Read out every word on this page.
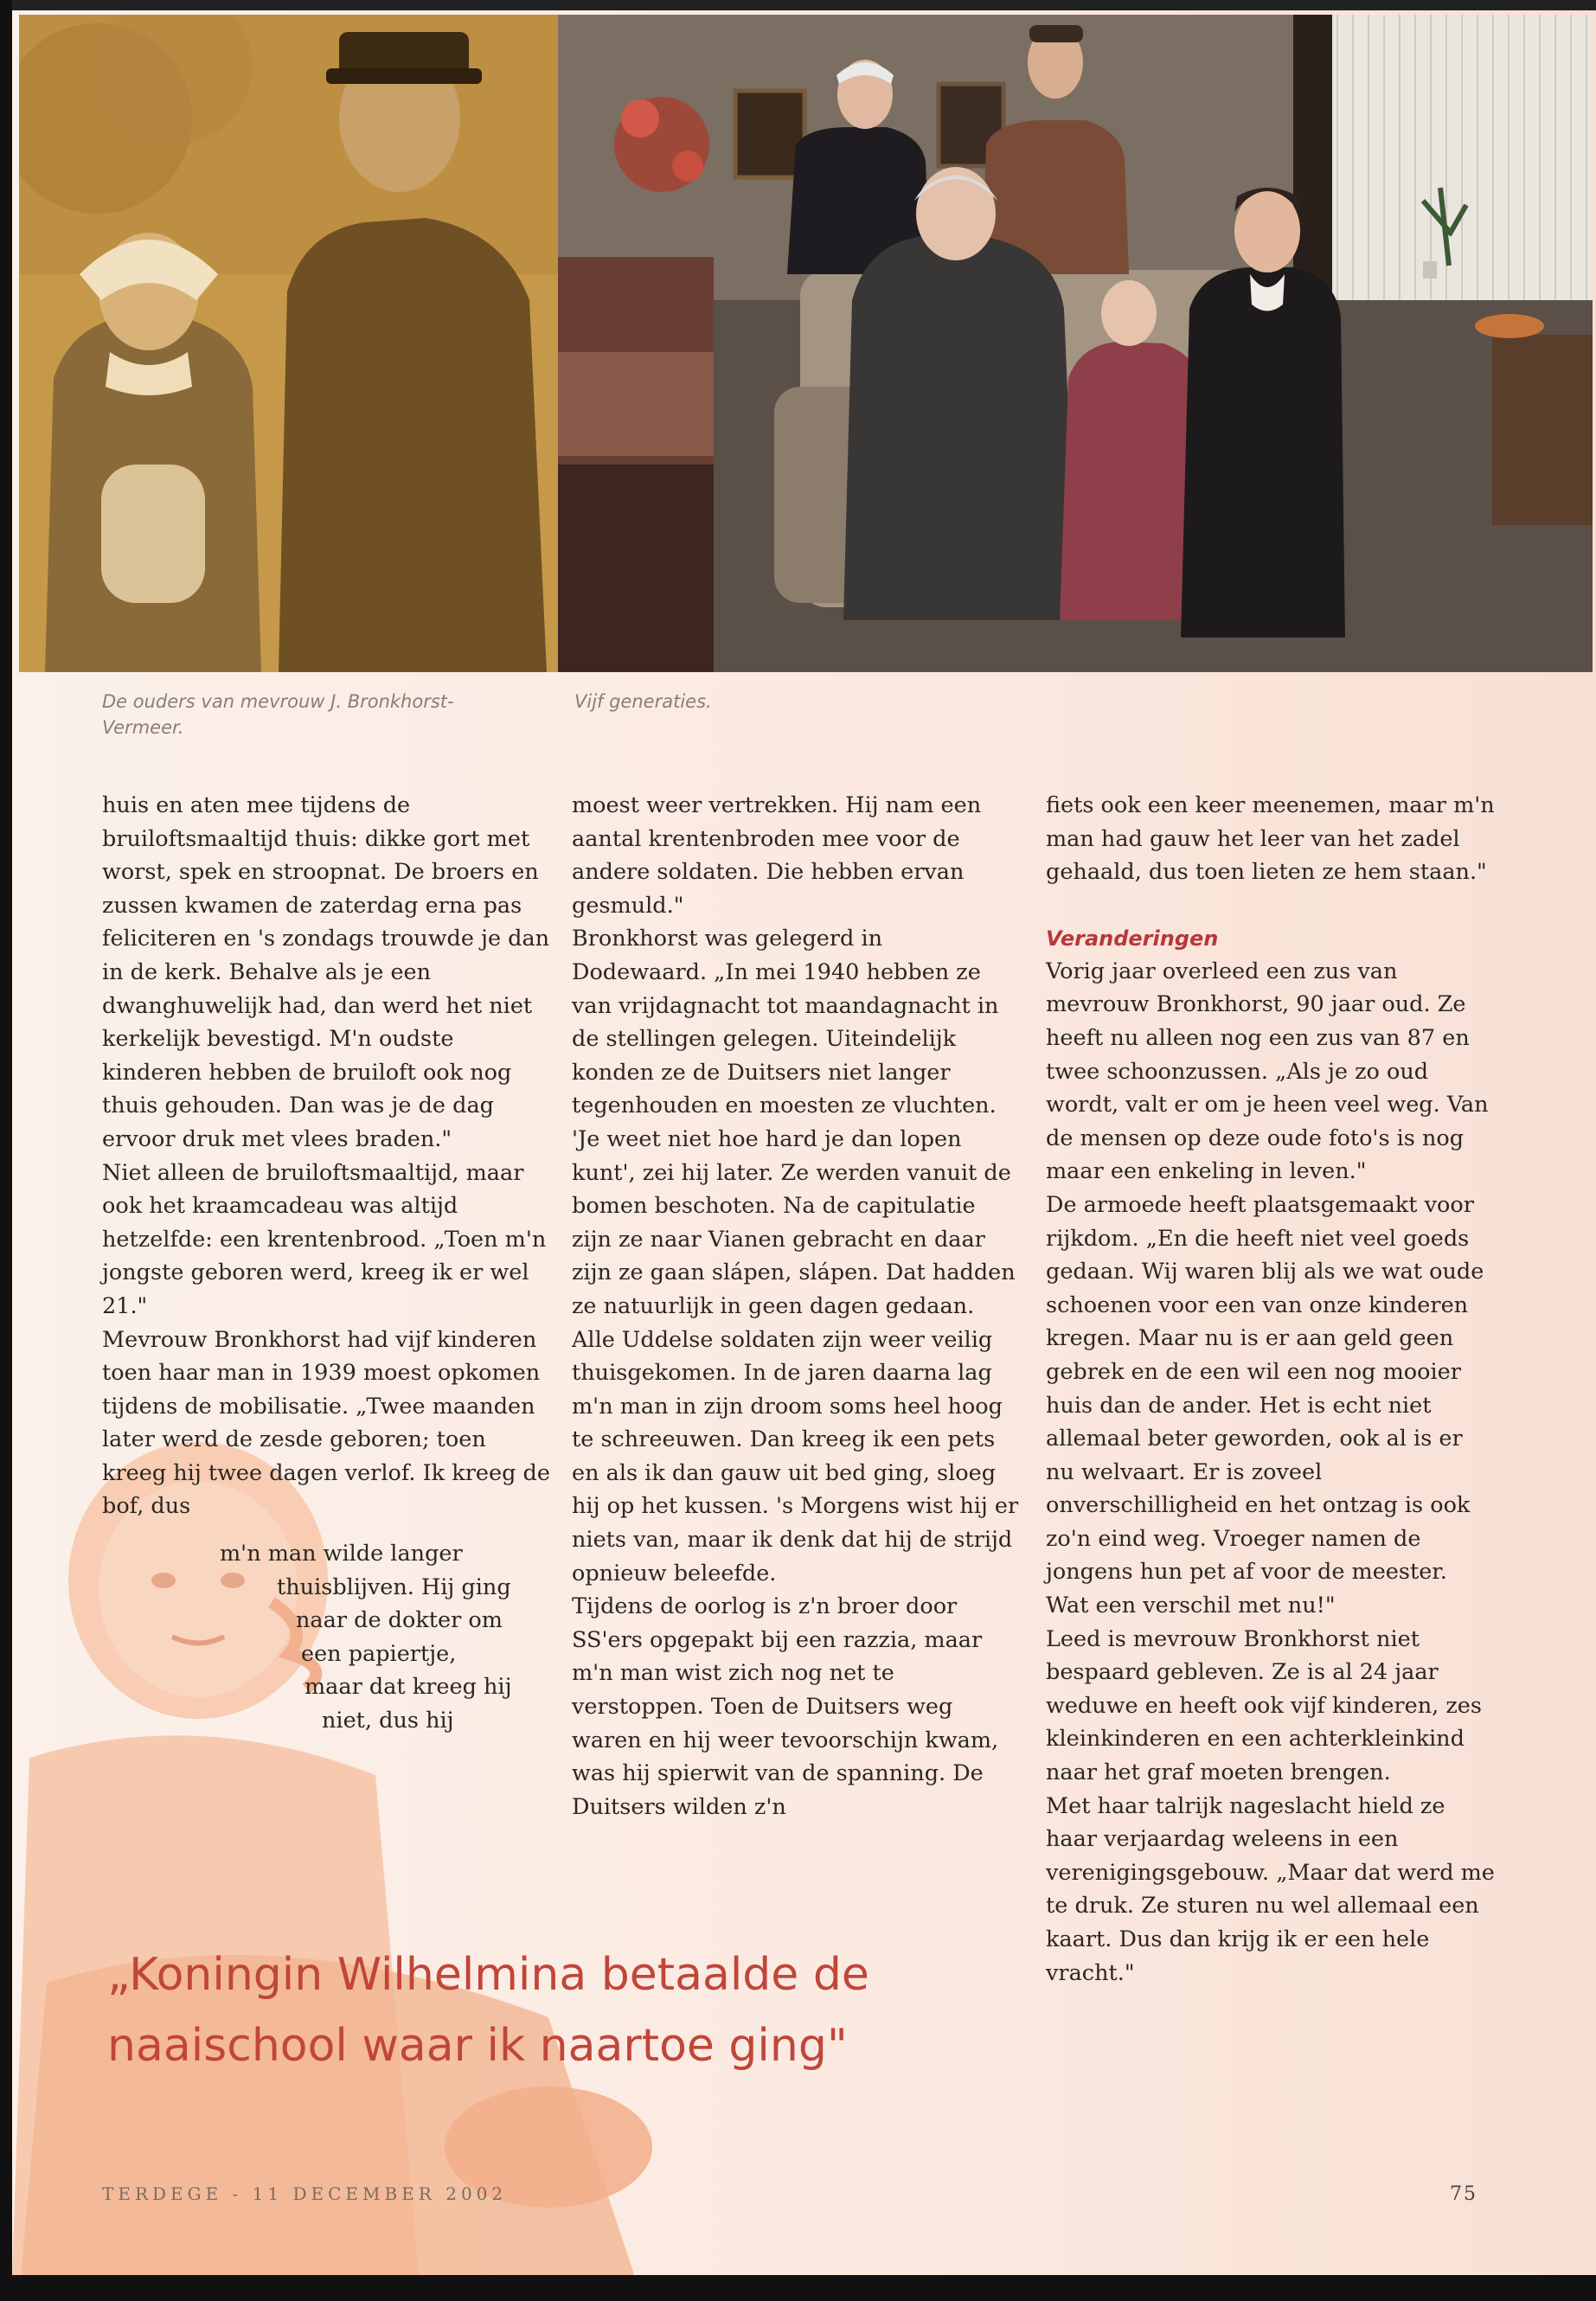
De ouders van mevrouw J. Bronkhorst-Vermeer.

Vijf generaties.

huis en aten mee tijdens de bruiloftsmaaltijd thuis: dikke gort met worst, spek en stroopnat. De broers en zussen kwamen de zaterdag erna pas feliciteren en 's zondags trouwde je dan in de kerk. Behalve als je een dwanghuwelijk had, dan werd het niet kerkelijk bevestigd. M'n oudste kinderen hebben de bruiloft ook nog thuis gehouden. Dan was je de dag ervoor druk met vlees braden."
Niet alleen de bruiloftsmaaltijd, maar ook het kraamcadeau was altijd hetzelfde: een krentenbrood. „Toen m'n jongste geboren werd, kreeg ik er wel 21."
Mevrouw Bronkhorst had vijf kinderen toen haar man in 1939 moest opkomen tijdens de mobilisatie. „Twee maanden later werd de zesde geboren; toen kreeg hij twee dagen verlof. Ik kreeg de bof, dus

m'n man wilde langer

thuisblijven. Hij ging

naar de dokter om

een papiertje,

maar dat kreeg hij

niet, dus hij

moest weer vertrekken. Hij nam een aantal krentenbroden mee voor de andere soldaten. Die hebben ervan gesmuld."
Bronkhorst was gelegerd in Dodewaard. „In mei 1940 hebben ze van vrijdagnacht tot maandagnacht in de stellingen gelegen. Uiteindelijk konden ze de Duitsers niet langer tegenhouden en moesten ze vluchten. 'Je weet niet hoe hard je dan lopen kunt', zei hij later. Ze werden vanuit de bomen beschoten. Na de capitulatie zijn ze naar Vianen gebracht en daar zijn ze gaan slápen, slápen. Dat hadden ze natuurlijk in geen dagen gedaan. Alle Uddelse soldaten zijn weer veilig thuisgekomen. In de jaren daarna lag m'n man in zijn droom soms heel hoog te schreeuwen. Dan kreeg ik een pets en als ik dan gauw uit bed ging, sloeg hij op het kussen. 's Morgens wist hij er niets van, maar ik denk dat hij de strijd opnieuw beleefde.
Tijdens de oorlog is z'n broer door SS'ers opgepakt bij een razzia, maar m'n man wist zich nog net te verstoppen. Toen de Duitsers weg waren en hij weer tevoorschijn kwam, was hij spierwit van de spanning. De Duitsers wilden z'n

fiets ook een keer meenemen, maar m'n man had gauw het leer van het zadel gehaald, dus toen lieten ze hem staan."

Veranderingen

Vorig jaar overleed een zus van mevrouw Bronkhorst, 90 jaar oud. Ze heeft nu alleen nog een zus van 87 en twee schoonzussen. „Als je zo oud wordt, valt er om je heen veel weg. Van de mensen op deze oude foto's is nog maar een enkeling in leven."
De armoede heeft plaatsgemaakt voor rijkdom. „En die heeft niet veel goeds gedaan. Wij waren blij als we wat oude schoenen voor een van onze kinderen kregen. Maar nu is er aan geld geen gebrek en de een wil een nog mooier huis dan de ander. Het is echt niet allemaal beter geworden, ook al is er nu welvaart. Er is zoveel onverschilligheid en het ontzag is ook zo'n eind weg. Vroeger namen de jongens hun pet af voor de meester. Wat een verschil met nu!"
Leed is mevrouw Bronkhorst niet bespaard gebleven. Ze is al 24 jaar weduwe en heeft ook vijf kinderen, zes kleinkinderen en een achterkleinkind naar het graf moeten brengen.
Met haar talrijk nageslacht hield ze haar verjaardag weleens in een verenigingsgebouw. „Maar dat werd me te druk. Ze sturen nu wel allemaal een kaart. Dus dan krijg ik er een hele vracht."

„Koningin Wilhelmina betaalde de naaischool waar ik naartoe ging"

TERDEGE - 11 DECEMBER 2002	75
